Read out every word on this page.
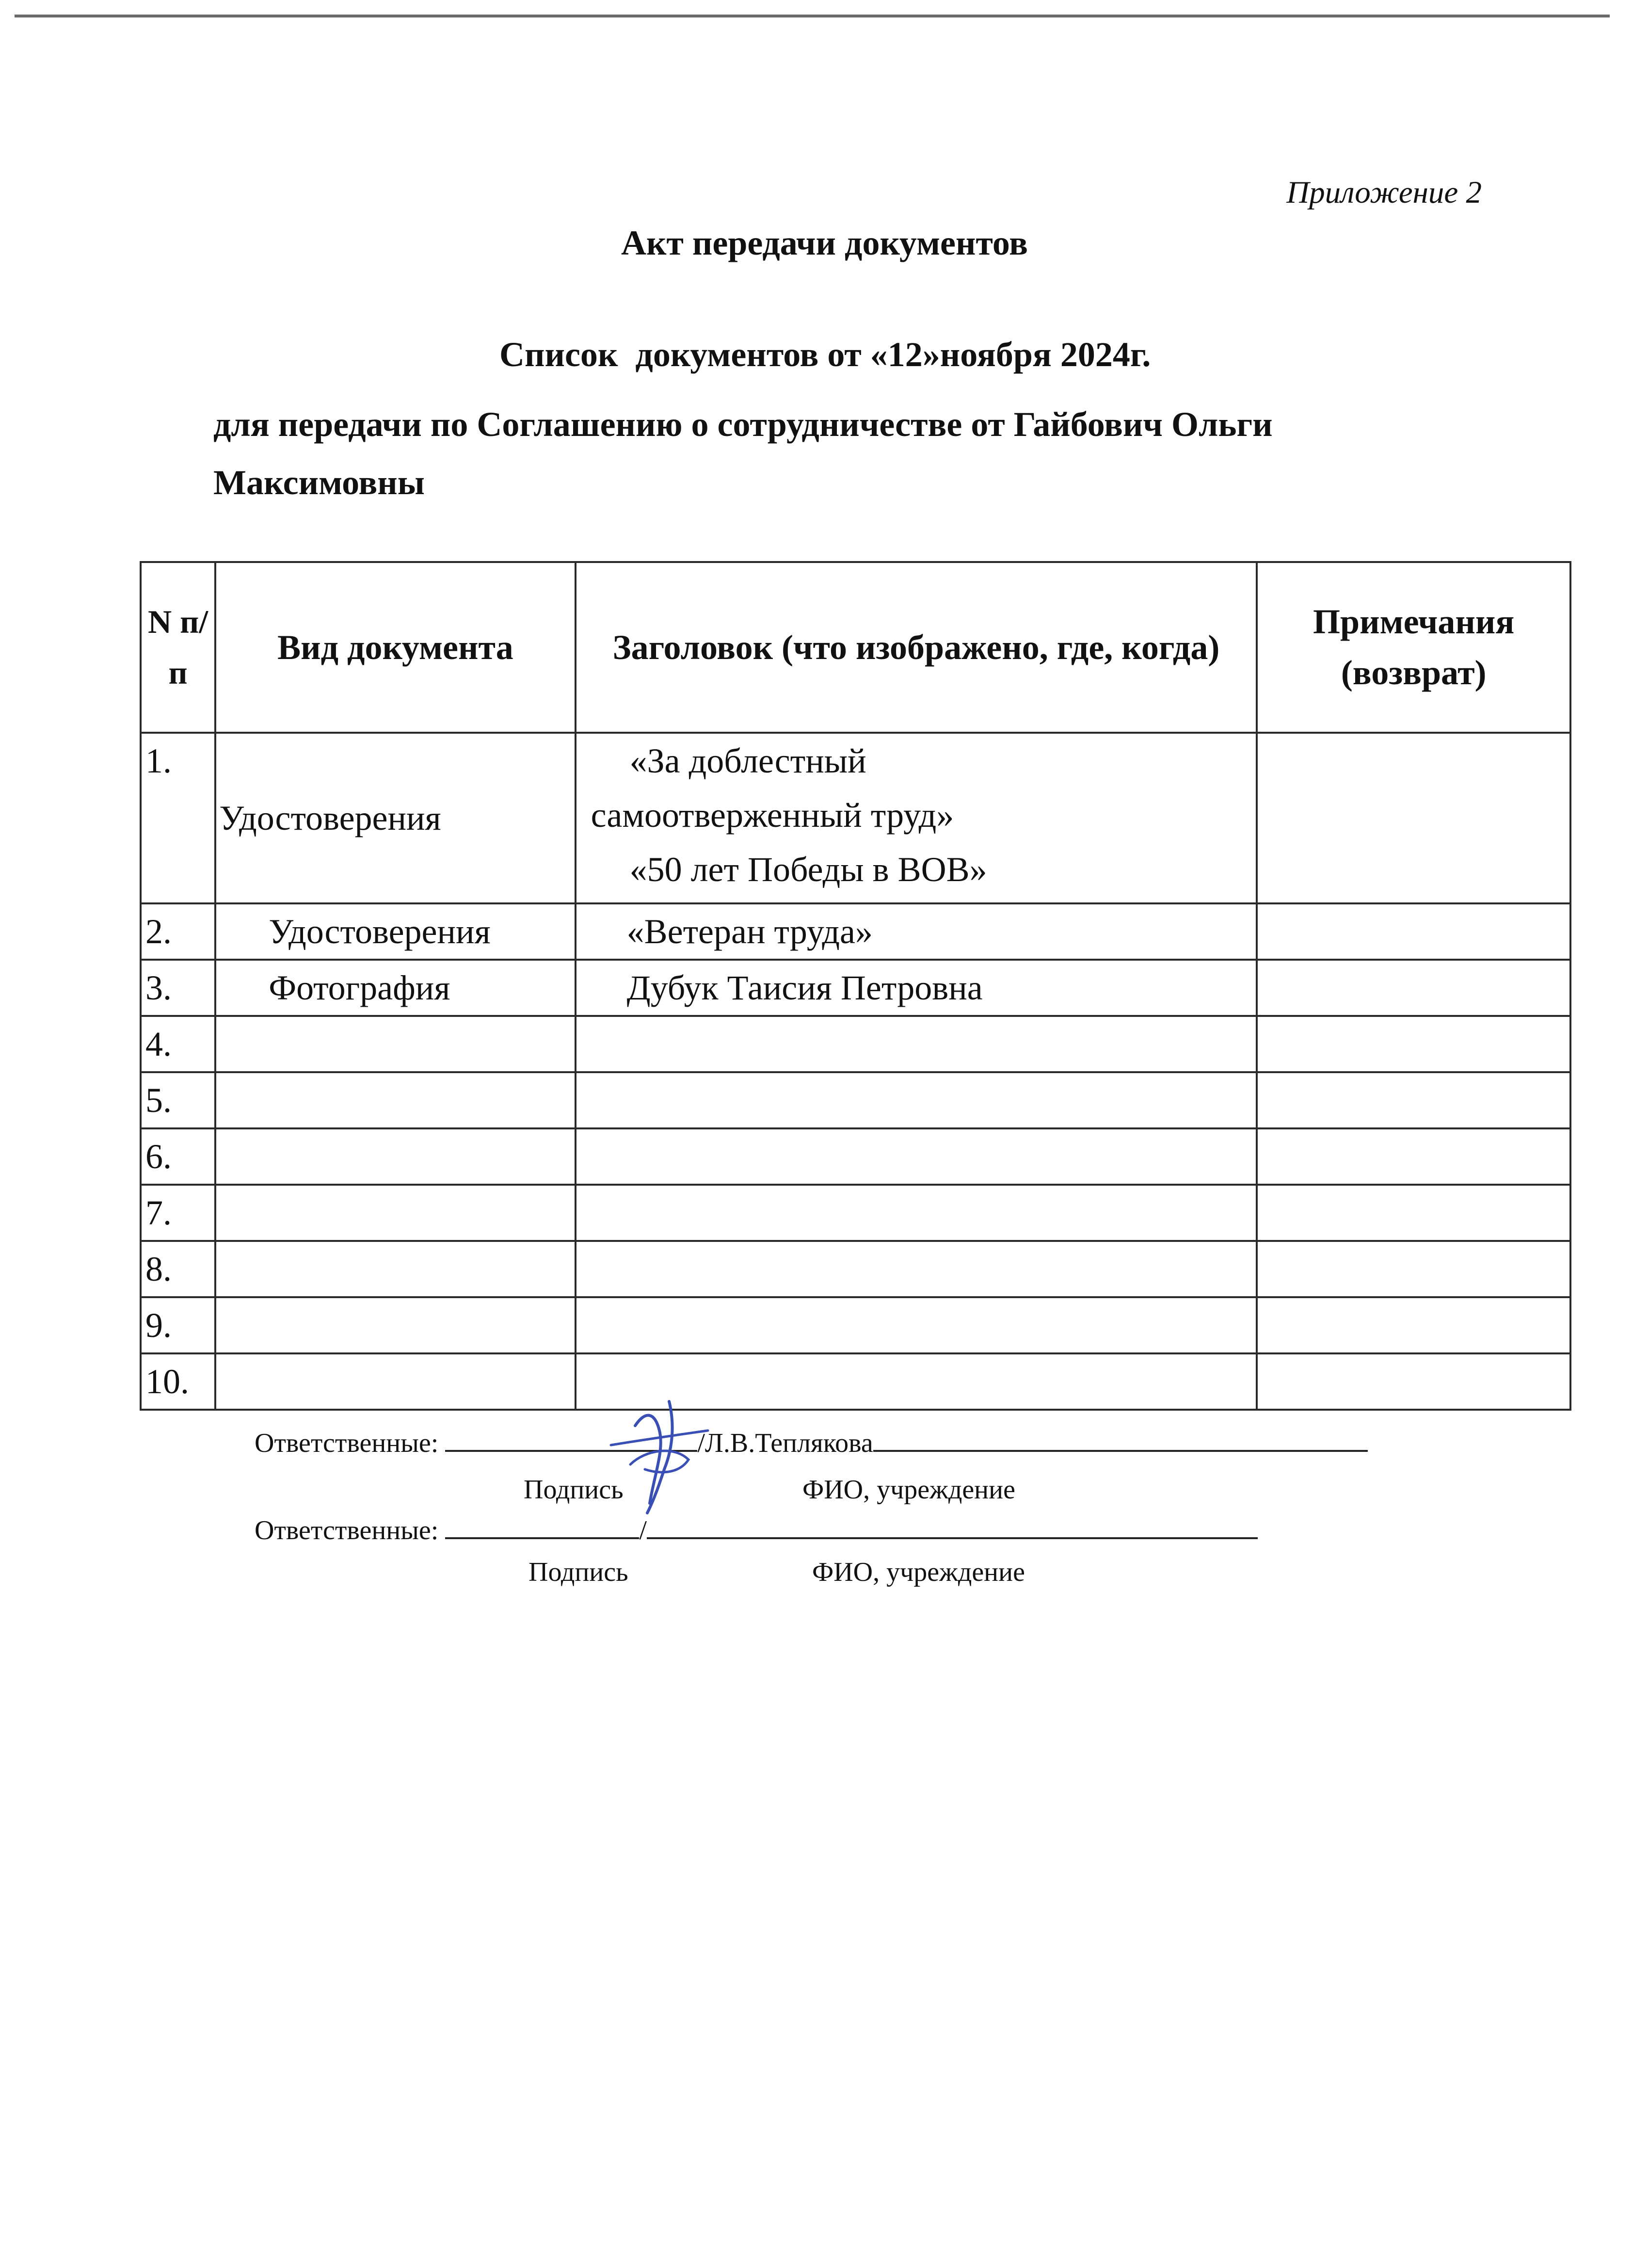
Приложение 2
Акт передачи документов
Список  документов от «12»ноября 2024г.
для передачи по Соглашению о сотрудничестве от Гайбович Ольги Максимовны
N п/ п	Вид документа	Заголовок (что изображено, где, когда)	Примечания (возврат)
1.	Удостоверения	«За доблестный
самоотверженный труд»
«50 лет Победы в ВОВ»	

2.	Удостоверения	«Ветеран труда»	
3.	Фотография	Дубук Таисия Петровна	
4.			
5.			
6.			
7.			
8.			
9.			
10.			
Ответственные:	/Л.В.Теплякова
Подпись	ФИО, учреждение
Ответственные:	/
Подпись	ФИО, учреждение
